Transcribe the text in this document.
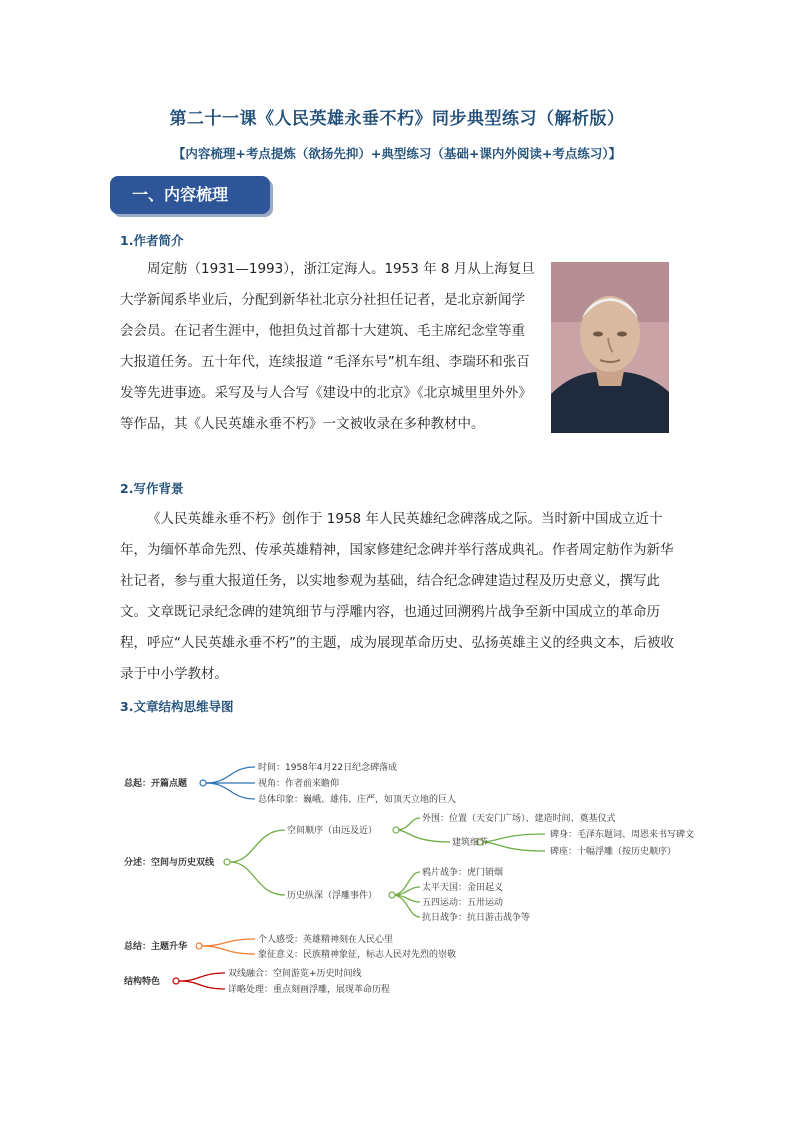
第二十一课《人民英雄永垂不朽》同步典型练习（解析版）
【内容梳理+考点提炼（欲扬先抑）+典型练习（基础+课内外阅读+考点练习）】
一、内容梳理
1.作者简介

周定舫（1931—1993），浙江定海人。1953 年 8 月从上海复旦大学新闻系毕业后，分配到新华社北京分社担任记者，是北京新闻学会会员。在记者生涯中，他担负过首都十大建筑、毛主席纪念堂等重大报道任务。五十年代，连续报道 “毛泽东号”机车组、李瑞环和张百发等先进事迹。采写及与人合写《建设中的北京》《北京城里里外外》等作品，其《人民英雄永垂不朽》一文被收录在多种教材中。

2.写作背景

《人民英雄永垂不朽》创作于 1958 年人民英雄纪念碑落成之际。当时新中国成立近十年，为缅怀革命先烈、传承英雄精神，国家修建纪念碑并举行落成典礼。作者周定舫作为新华社记者，参与重大报道任务，以实地参观为基础，结合纪念碑建造过程及历史意义，撰写此文。文章既记录纪念碑的建筑细节与浮雕内容，也通过回溯鸦片战争至新中国成立的革命历程，呼应“人民英雄永垂不朽”的主题，成为展现革命历史、弘扬英雄主义的经典文本，后被收录于中小学教材。

3.文章结构思维导图
总起：开篇点题
时间：1958年4月22日纪念碑落成
视角：作者前来瞻仰
总体印象：巍峨、雄伟、庄严，如顶天立地的巨人
分述：空间与历史双线
空间顺序（由远及近）
外围：位置（天安门广场）、建造时间、奠基仪式
建筑细节
碑身：毛泽东题词、周恩来书写碑文
碑座：十幅浮雕（按历史顺序）
历史纵深（浮雕事件）
鸦片战争：虎门销烟
太平天国：金田起义
五四运动：五卅运动
抗日战争：抗日游击战争等
总结：主题升华
个人感受：英雄精神刻在人民心里
象征意义：民族精神象征，标志人民对先烈的崇敬
结构特色
双线融合：空间游览+历史时间线
详略处理：重点刻画浮雕，展现革命历程
